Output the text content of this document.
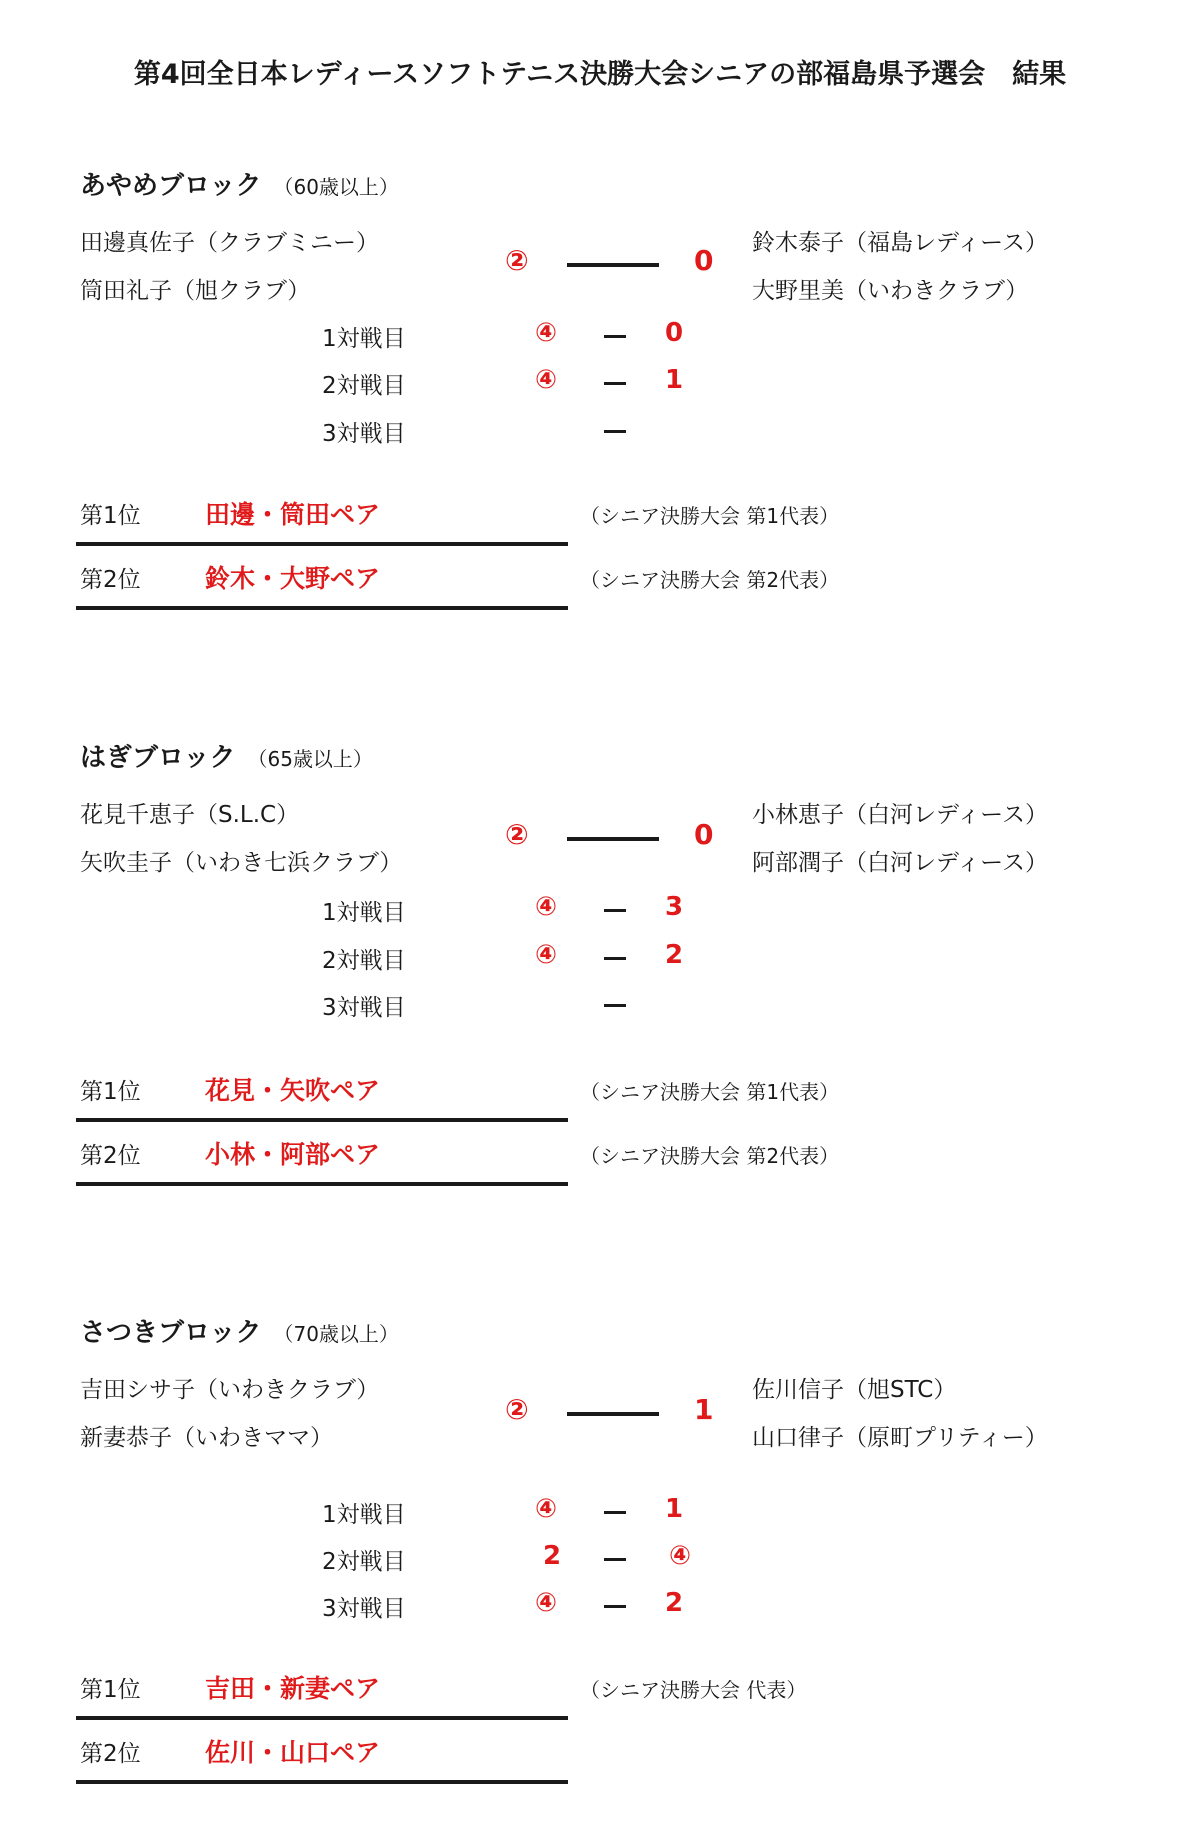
第4回全日本レディースソフトテニス決勝大会シニアの部福島県予選会　結果
あやめブロック （60歳以上）
田邊真佐子（クラブミニー）
筒田礼子（旭クラブ）
②	0
鈴木泰子（福島レディース）
大野里美（いわきクラブ）
1対戦目	④	0
2対戦目	④	1
3対戦目
第1位	田邊・筒田ペア	（シニア決勝大会 第1代表）
第2位	鈴木・大野ペア	（シニア決勝大会 第2代表）
はぎブロック （65歳以上）
花見千恵子（S.L.C）
矢吹圭子（いわき七浜クラブ）
②	0
小林恵子（白河レディース）
阿部潤子（白河レディース）
1対戦目	④	3
2対戦目	④	2
3対戦目
第1位	花見・矢吹ペア	（シニア決勝大会 第1代表）
第2位	小林・阿部ペア	（シニア決勝大会 第2代表）
さつきブロック （70歳以上）
吉田シサ子（いわきクラブ）
新妻恭子（いわきママ）
②	1
佐川信子（旭STC）
山口律子（原町プリティー）
1対戦目	④	1
2対戦目	2	④
3対戦目	④	2
第1位	吉田・新妻ペア	（シニア決勝大会 代表）
第2位	佐川・山口ペア
